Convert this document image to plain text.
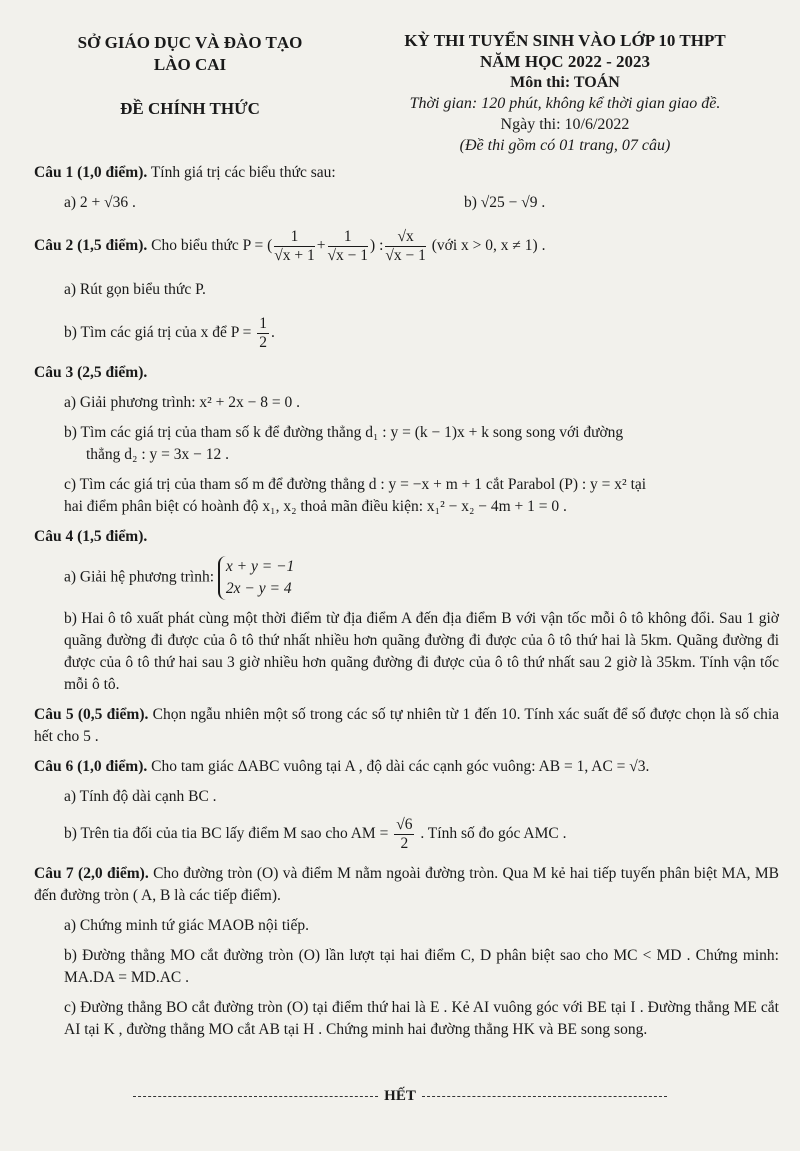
SỞ GIÁO DỤC VÀ ĐÀO TẠO
LÀO CAI
ĐỀ CHÍNH THỨC
KỲ THI TUYỂN SINH VÀO LỚP 10 THPT
NĂM HỌC 2022 - 2023
Môn thi: TOÁN
Thời gian: 120 phút, không kể thời gian giao đề.
Ngày thi: 10/6/2022
(Đề thi gồm có 01 trang, 07 câu)
Câu 1 (1,0 điểm). Tính giá trị các biểu thức sau:
a) 2 + √36 .	b) √25 − √9 .
Câu 2 (1,5 điểm). Cho biểu thức P = ( $\frac{1}{√x + 1} + \frac{1}{√x - 1}$ ) : $\frac{√x}{√x - 1}$ (với x > 0, x ≠ 1) .
a) Rút gọn biểu thức P.
b) Tìm các giá trị của x để $P = \frac{1}{2}$ .
Câu 3 (2,5 điểm).
a) Giải phương trình: x² + 2x − 8 = 0 .
b) Tìm các giá trị của tham số k để đường thẳng d₁ : y = (k − 1)x + k song song với đường
thẳng d₂ : y = 3x − 12 .
c) Tìm các giá trị của tham số m để đường thẳng d : y = −x + m + 1 cắt Parabol (P) : y = x² tại
hai điểm phân biệt có hoành độ x₁, x₂ thoả mãn điều kiện: x₁² − x₂ − 4m + 1 = 0 .
Câu 4 (1,5 điểm).
a) Giải hệ phương trình:
x + y = −1
2x − y = 4
b) Hai ô tô xuất phát cùng một thời điểm từ địa điểm A đến địa điểm B với vận tốc mỗi ô tô không đổi. Sau 1 giờ quãng đường đi được của ô tô thứ nhất nhiều hơn quãng đường đi được của ô tô thứ hai là 5km. Quãng đường đi được của ô tô thứ hai sau 3 giờ nhiều hơn quãng đường đi được của ô tô thứ nhất sau 2 giờ là 35km. Tính vận tốc mỗi ô tô.
Câu 5 (0,5 điểm). Chọn ngẫu nhiên một số trong các số tự nhiên từ 1 đến 10. Tính xác suất để số được chọn là số chia hết cho 5 .
Câu 6 (1,0 điểm). Cho tam giác ΔABC vuông tại A , độ dài các cạnh góc vuông: AB = 1, AC = √3.
a) Tính độ dài cạnh BC .
b) Trên tia đối của tia BC lấy điểm M sao cho AM = $\frac{√6}{2}$ . Tính số đo góc AMC .
Câu 7 (2,0 điểm). Cho đường tròn (O) và điểm M nằm ngoài đường tròn. Qua M kẻ hai tiếp tuyến phân biệt MA, MB đến đường tròn ( A, B là các tiếp điểm).
a) Chứng minh tứ giác MAOB nội tiếp.
b) Đường thẳng MO cắt đường tròn (O) lần lượt tại hai điểm C, D phân biệt sao cho MC < MD . Chứng minh: MA.DA = MD.AC .
c) Đường thẳng BO cắt đường tròn (O) tại điểm thứ hai là E . Kẻ AI vuông góc với BE tại I . Đường thẳng ME cắt AI tại K , đường thẳng MO cắt AB tại H . Chứng minh hai đường thẳng HK và BE song song.
HẾT
